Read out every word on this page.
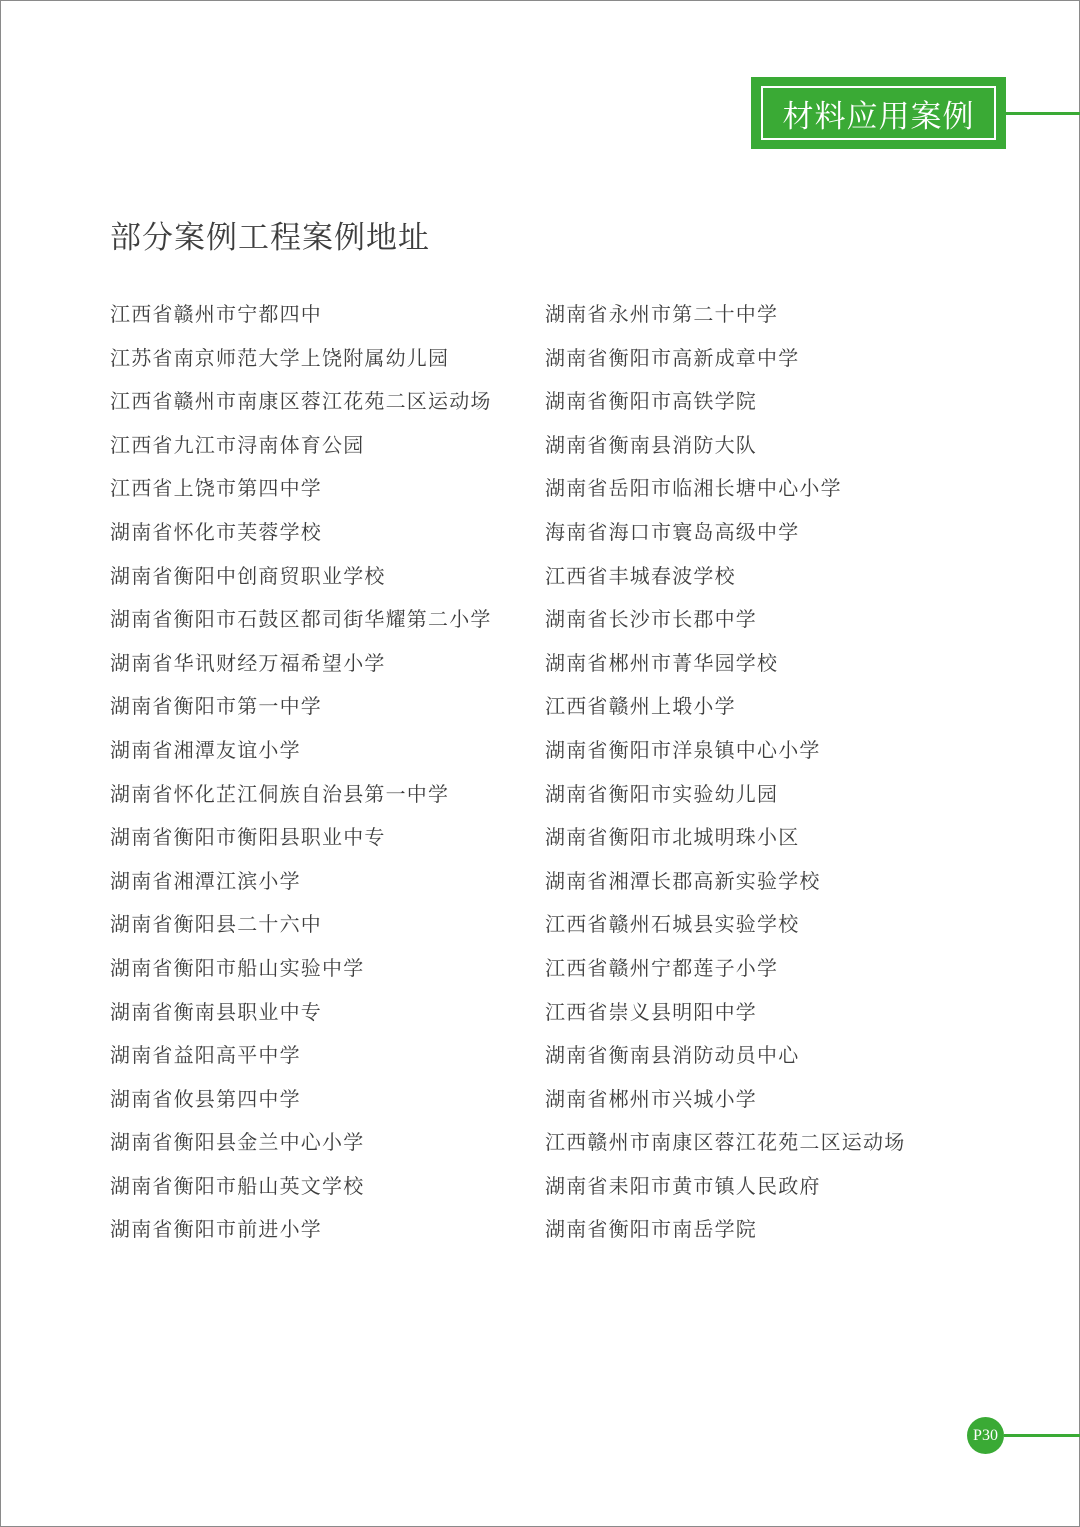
材料应用案例
部分案例工程案例地址
江西省赣州市宁都四中
江苏省南京师范大学上饶附属幼儿园
江西省赣州市南康区蓉江花苑二区运动场
江西省九江市浔南体育公园
江西省上饶市第四中学
湖南省怀化市芙蓉学校
湖南省衡阳中创商贸职业学校
湖南省衡阳市石鼓区都司街华耀第二小学
湖南省华讯财经万福希望小学
湖南省衡阳市第一中学
湖南省湘潭友谊小学
湖南省怀化芷江侗族自治县第一中学
湖南省衡阳市衡阳县职业中专
湖南省湘潭江滨小学
湖南省衡阳县二十六中
湖南省衡阳市船山实验中学
湖南省衡南县职业中专
湖南省益阳高平中学
湖南省攸县第四中学
湖南省衡阳县金兰中心小学
湖南省衡阳市船山英文学校
湖南省衡阳市前进小学
湖南省永州市第二十中学
湖南省衡阳市高新成章中学
湖南省衡阳市高铁学院
湖南省衡南县消防大队
湖南省岳阳市临湘长塘中心小学
海南省海口市寰岛高级中学
江西省丰城春波学校
湖南省长沙市长郡中学
湖南省郴州市菁华园学校
江西省赣州上塅小学
湖南省衡阳市洋泉镇中心小学
湖南省衡阳市实验幼儿园
湖南省衡阳市北城明珠小区
湖南省湘潭长郡高新实验学校
江西省赣州石城县实验学校
江西省赣州宁都莲子小学
江西省崇义县明阳中学
湖南省衡南县消防动员中心
湖南省郴州市兴城小学
江西赣州市南康区蓉江花苑二区运动场
湖南省耒阳市黄市镇人民政府
湖南省衡阳市南岳学院
P30
